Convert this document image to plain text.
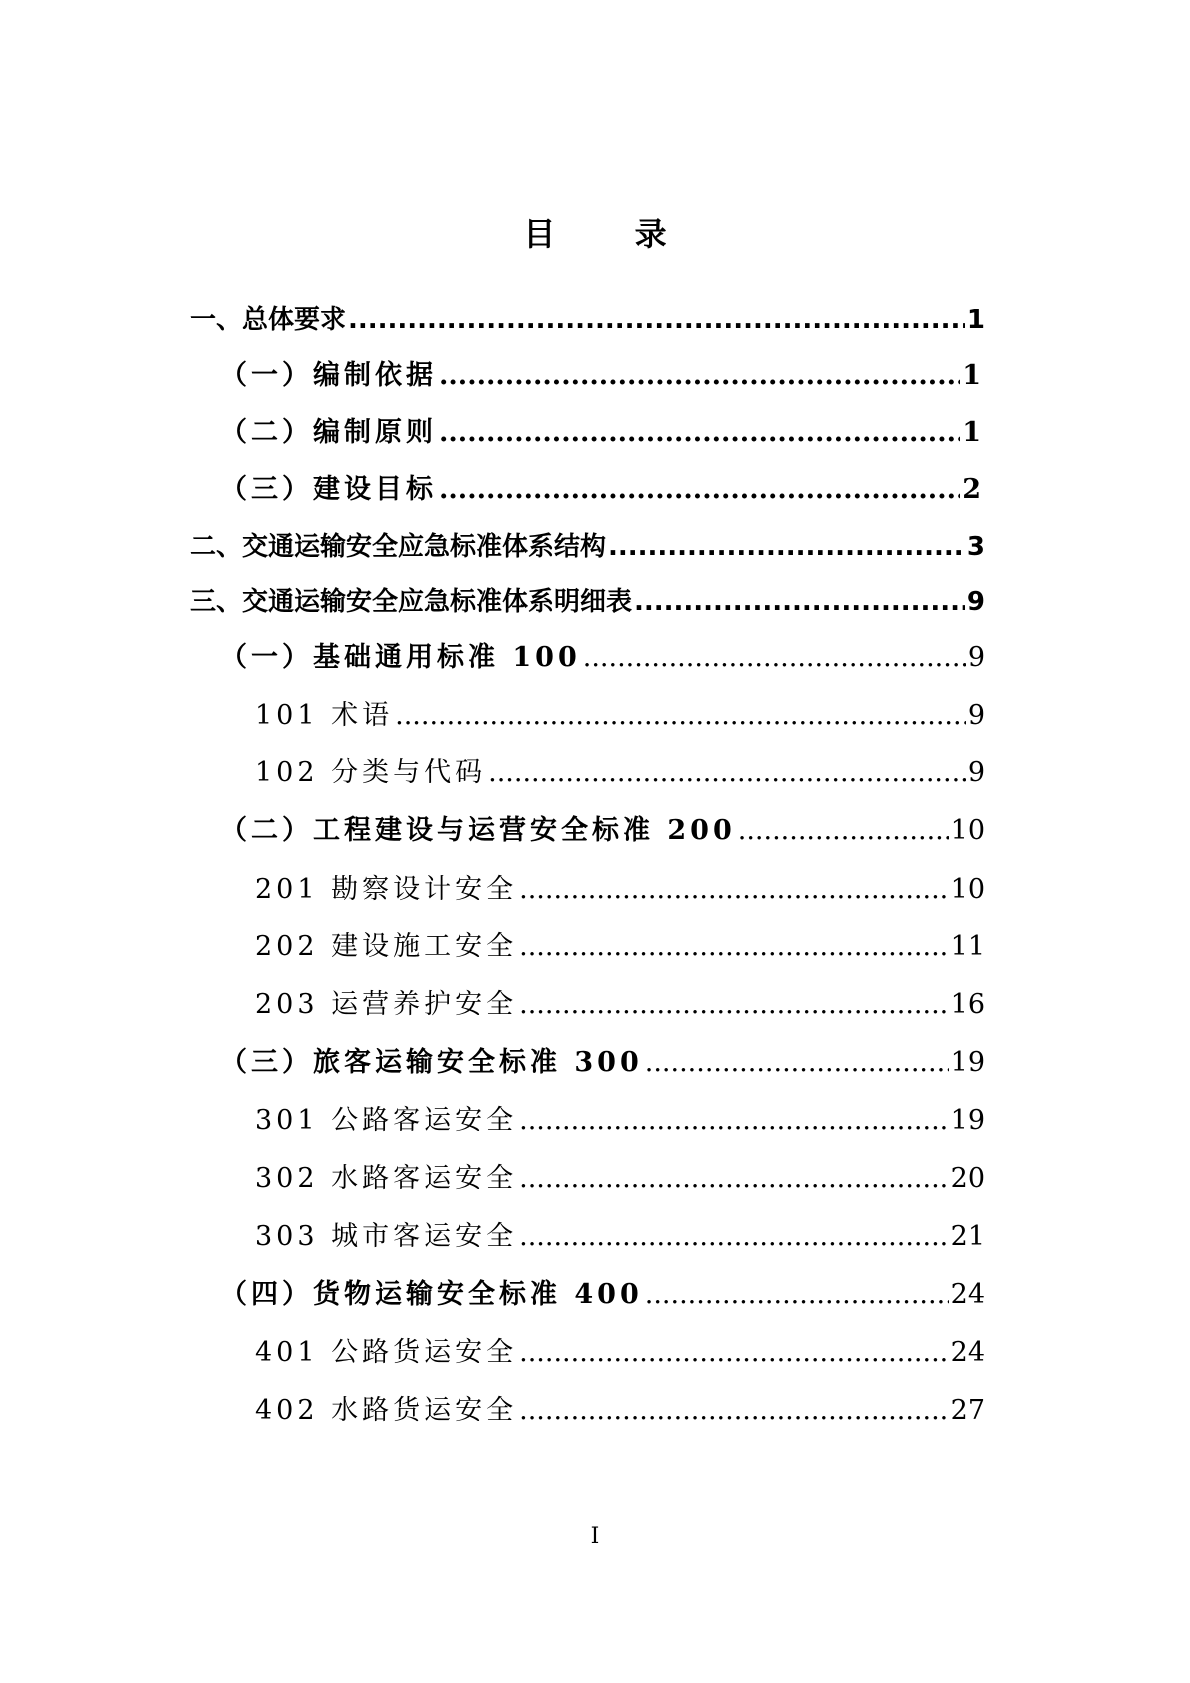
目 录
一、总体要求 .....	1
（一）编制依据 .....	1
（二）编制原则 .....	1
（三）建设目标 .....	2
二、交通运输安全应急标准体系结构 .....	3
三、交通运输安全应急标准体系明细表 .....	9
（一）基础通用标准 100 .....	9
101 术语 .....	9
102 分类与代码 .....	9
（二）工程建设与运营安全标准 200 .....	10
201 勘察设计安全 .....	10
202 建设施工安全 .....	11
203 运营养护安全 .....	16
（三）旅客运输安全标准 300 .....	19
301 公路客运安全 .....	19
302 水路客运安全 .....	20
303 城市客运安全 .....	21
（四）货物运输安全标准 400 .....	24
401 公路货运安全 .....	24
402 水路货运安全 .....	27
I
